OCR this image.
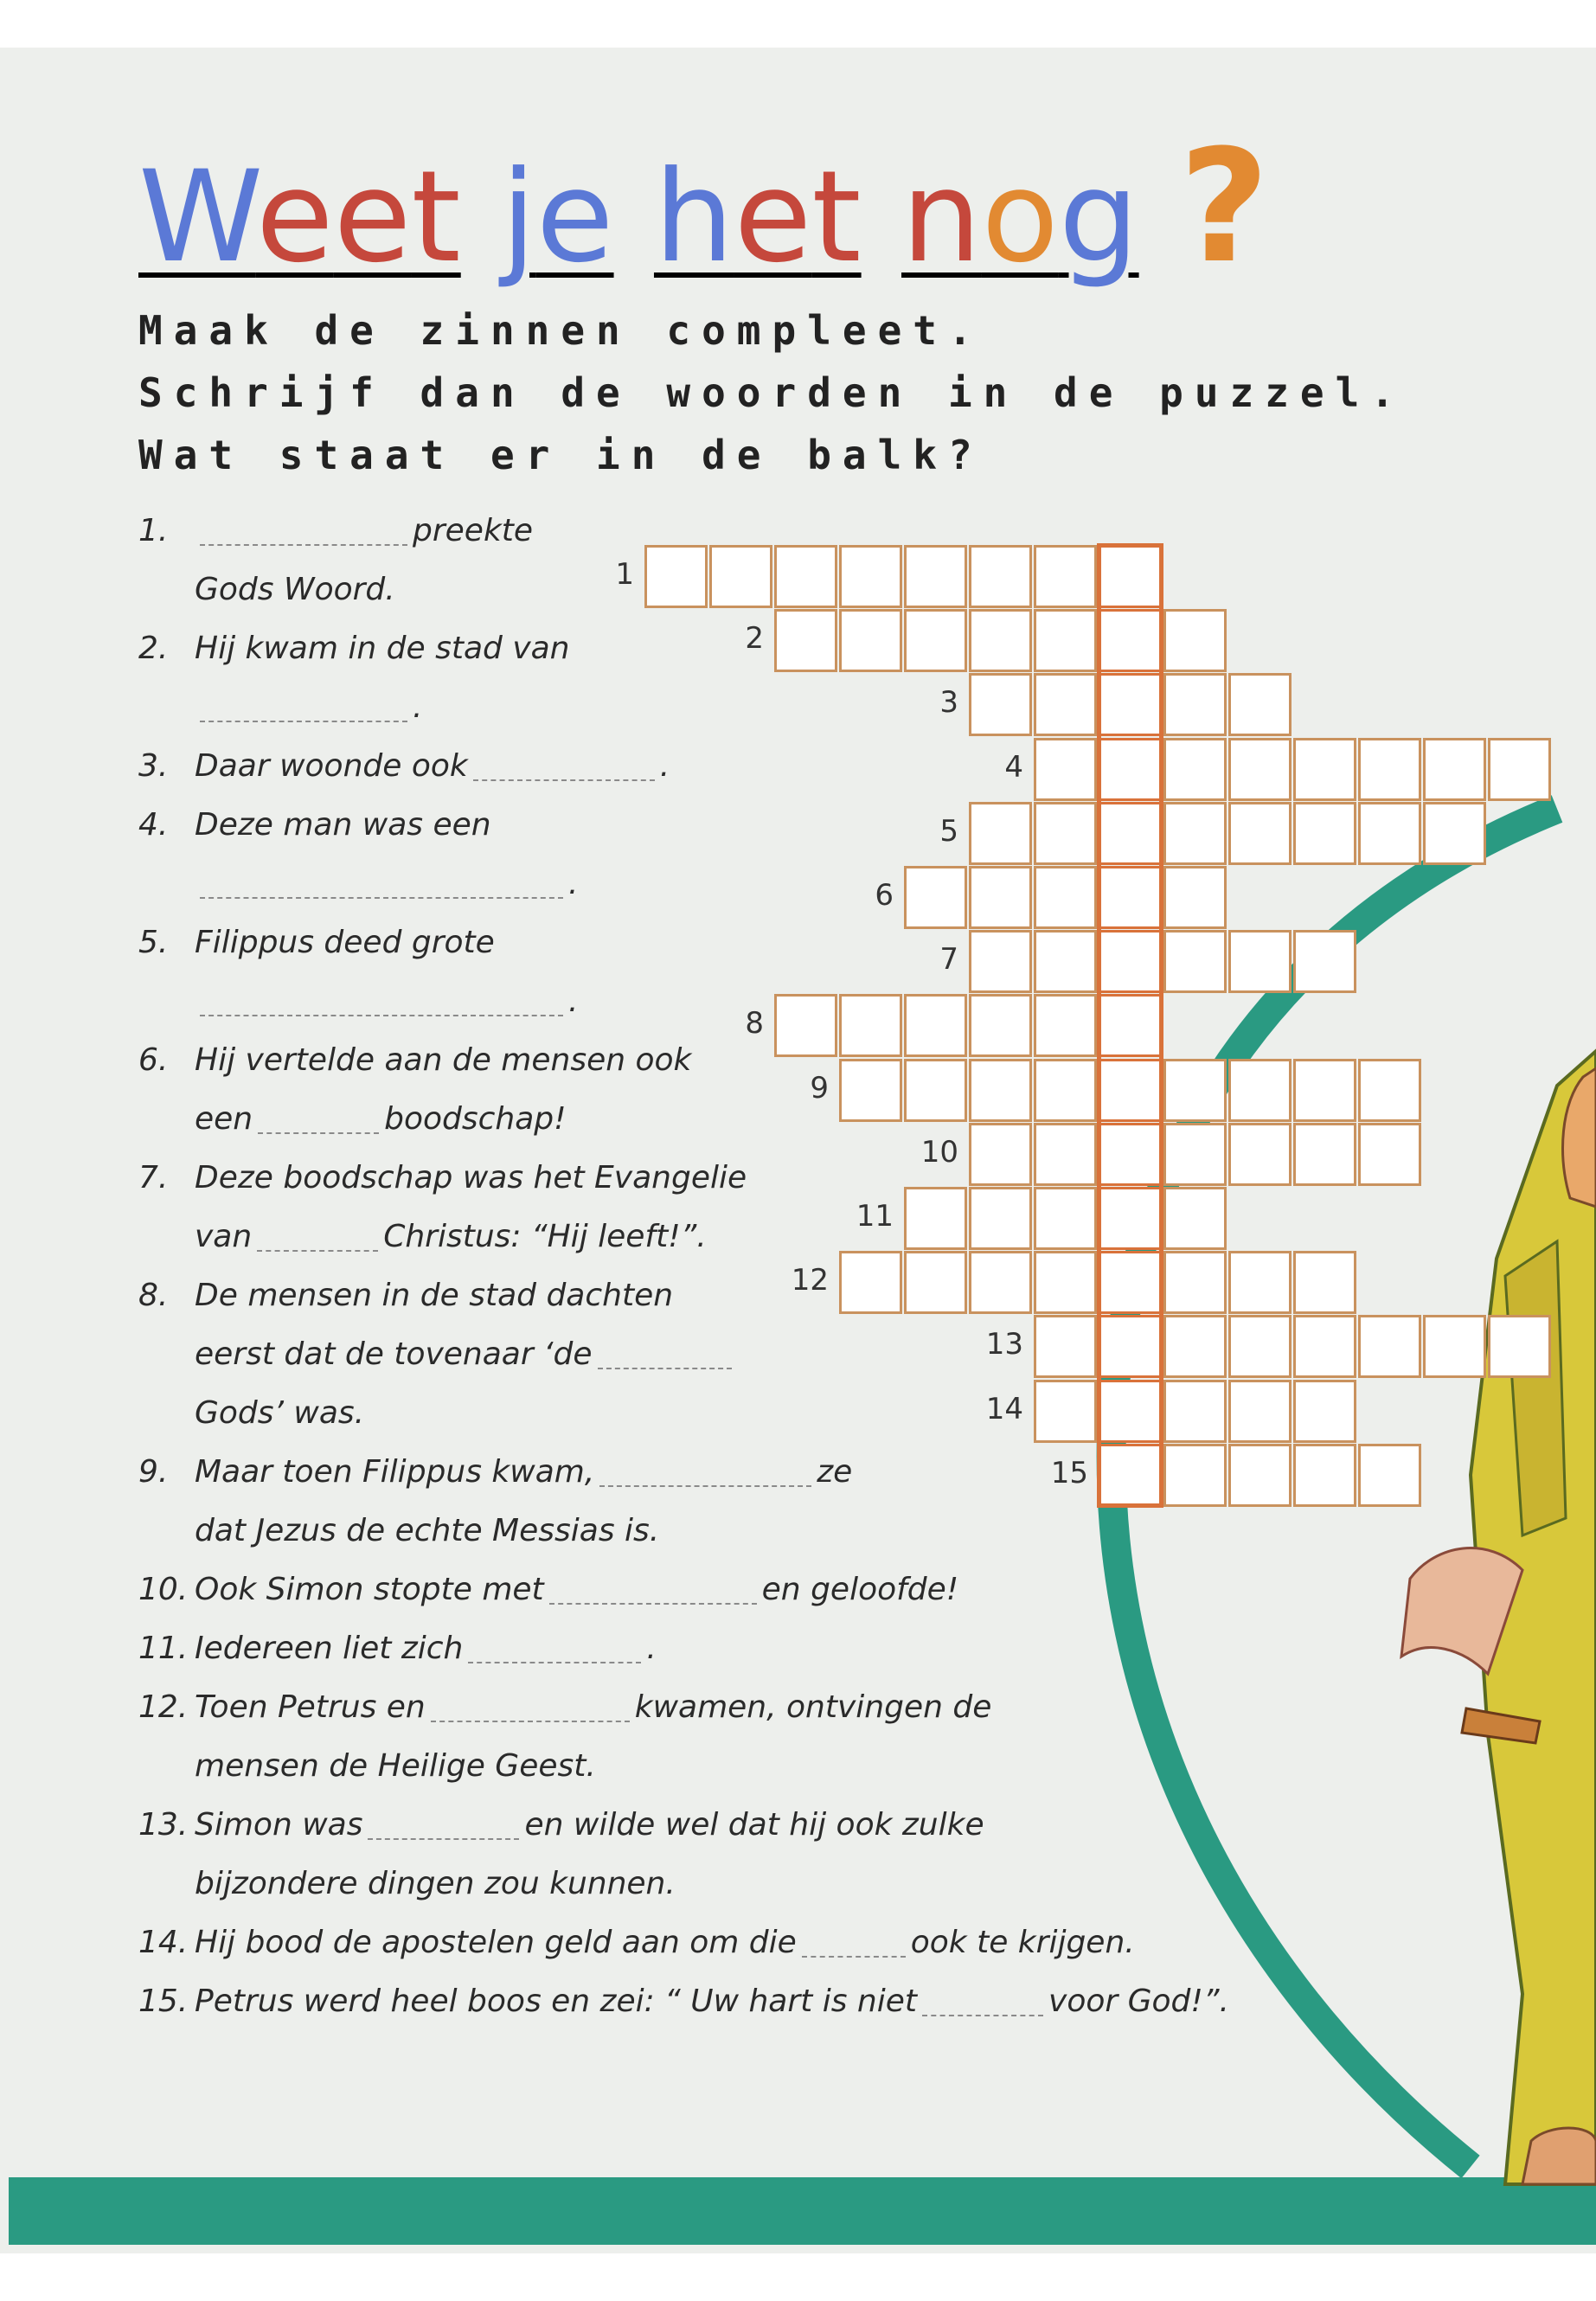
Weet je het nog ?

Maak de zinnen compleet.

Schrijf dan de woorden in de puzzel.

Wat staat er in de balk?

1.	preekte
Gods Woord.
2. Hij kwam in de stad van
.
3. Daar woonde ook	.
4. Deze man was een
.
5. Filippus deed grote
.
6. Hij vertelde aan de mensen ook
een	boodschap!
7. Deze boodschap was het Evangelie
van	Christus: “Hij leeft!”.
8. De mensen in de stad dachten
eerst dat de tovenaar ‘de
Gods’ was.
9. Maar toen Filippus kwam,	ze
dat Jezus de echte Messias is.
10. Ook Simon stopte met	en geloofde!
11. Iedereen liet zich	.
12. Toen Petrus en	kwamen, ontvingen de
mensen de Heilige Geest.
13. Simon was	en wilde wel dat hij ook zulke
bijzondere dingen zou kunnen.
14. Hij bood de apostelen geld aan om die	ook te krijgen.
15. Petrus werd heel boos en zei: “ Uw hart is niet	voor God!”.
1
2
3
4
5
6
7
8
9
10
11
12
13
14
15
